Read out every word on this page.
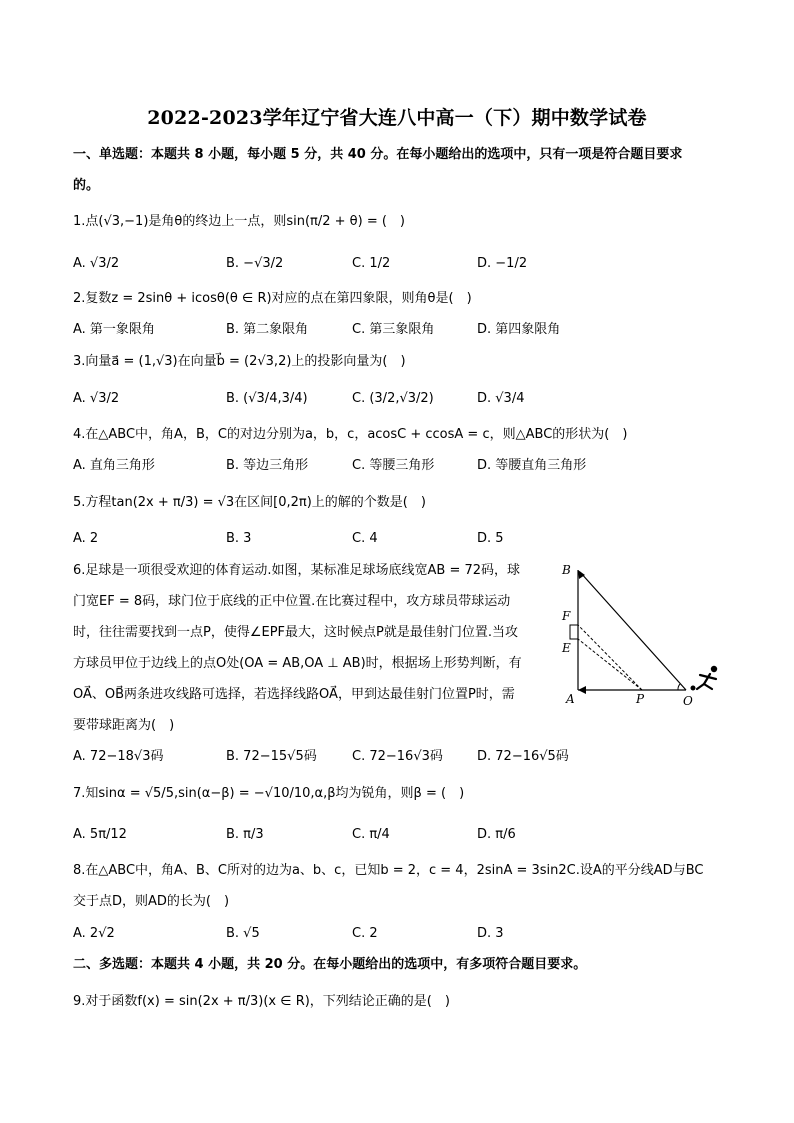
2022-2023学年辽宁省大连八中高一（下）期中数学试卷
一、单选题：本题共 8 小题，每小题 5 分，共 40 分。在每小题给出的选项中，只有一项是符合题目要求
的。
1.点(√3,−1)是角θ的终边上一点，则sin(π/2 + θ) = (　)
A. √3/2	B. −√3/2	C. 1/2	D. −1/2
2.复数z = 2sinθ + icosθ(θ ∈ R)对应的点在第四象限，则角θ是(　)
A. 第一象限角	B. 第二象限角	C. 第三象限角	D. 第四象限角
3.向量a⃗ = (1,√3)在向量b⃗ = (2√3,2)上的投影向量为(　)
A. √3/2	B. (√3/4,3/4)	C. (3/2,√3/2)	D. √3/4
4.在△ABC中，角A，B，C的对边分别为a，b，c，acosC + ccosA = c，则△ABC的形状为(　)
A. 直角三角形	B. 等边三角形	C. 等腰三角形	D. 等腰直角三角形
5.方程tan(2x + π/3) = √3在区间[0,2π)上的解的个数是(　)
A. 2	B. 3	C. 4	D. 5
6.足球是一项很受欢迎的体育运动.如图，某标准足球场底线宽AB = 72码，球
门宽EF = 8码，球门位于底线的正中位置.在比赛过程中，攻方球员带球运动
时，往往需要找到一点P，使得∠EPF最大，这时候点P就是最佳射门位置.当攻
方球员甲位于边线上的点O处(OA = AB,OA ⊥ AB)时，根据场上形势判断，有
OA⃗、OB⃗两条进攻线路可选择，若选择线路OA⃗，甲到达最佳射门位置P时，需
要带球距离为(　)
B
F
E
A	P	O
A. 72−18√3码	B. 72−15√5码	C. 72−16√3码	D. 72−16√5码
7.知sinα = √5/5,sin(α−β) = −√10/10,α,β均为锐角，则β = (　)
A. 5π/12	B. π/3	C. π/4	D. π/6
8.在△ABC中，角A、B、C所对的边为a、b、c，已知b = 2，c = 4，2sinA = 3sin2C.设A的平分线AD与BC
交于点D，则AD的长为(　)
A. 2√2	B. √5	C. 2	D. 3
二、多选题：本题共 4 小题，共 20 分。在每小题给出的选项中，有多项符合题目要求。
9.对于函数f(x) = sin(2x + π/3)(x ∈ R)，下列结论正确的是(　)
